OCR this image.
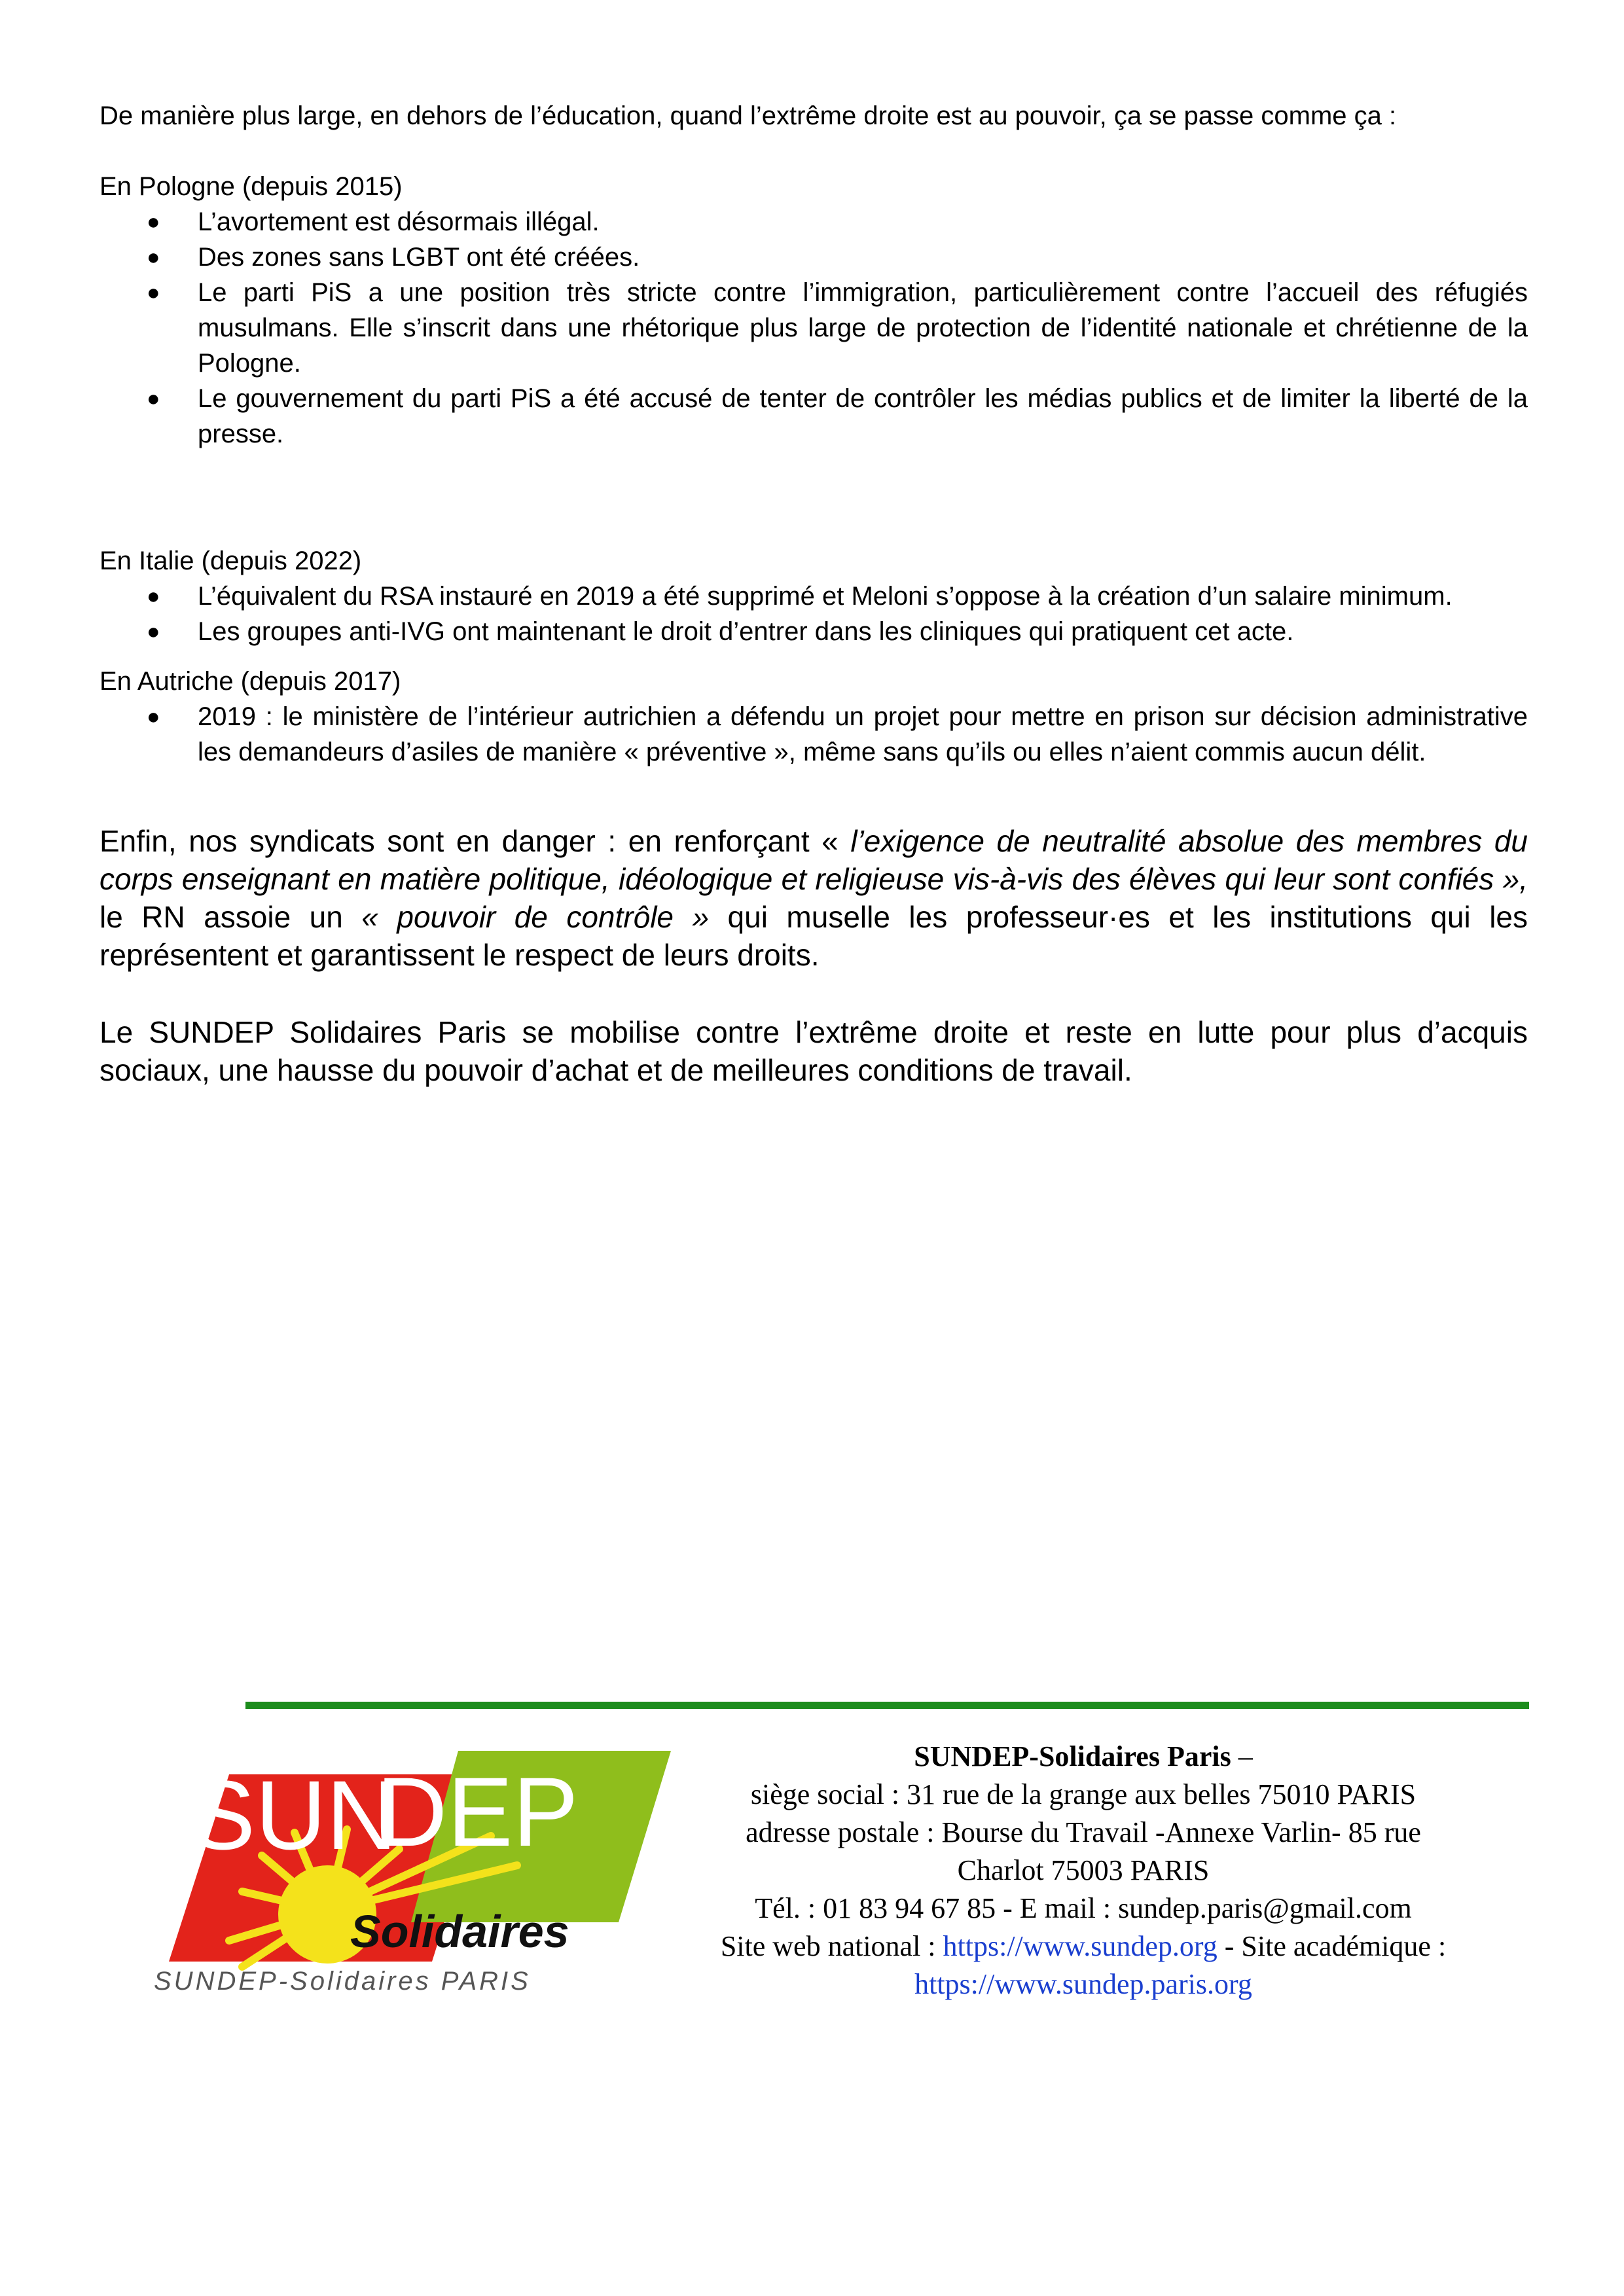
De manière plus large, en dehors de l’éducation, quand l’extrême droite est au pouvoir, ça se passe comme ça :

En Pologne (depuis 2015)

● L’avortement est désormais illégal.
● Des zones sans LGBT ont été créées.
● Le parti PiS a une position très stricte contre l’immigration, particulièrement contre l’accueil des réfugiés musulmans. Elle s’inscrit dans une rhétorique plus large de protection de l’identité nationale et chrétienne de la Pologne.
● Le gouvernement du parti PiS a été accusé de tenter de contrôler les médias publics et de limiter la liberté de la presse.

En Italie (depuis 2022)

● L’équivalent du RSA instauré en 2019 a été supprimé et Meloni s’oppose à la création d’un salaire minimum.
● Les groupes anti-IVG ont maintenant le droit d’entrer dans les cliniques qui pratiquent cet acte.

En Autriche (depuis 2017)

● 2019 : le ministère de l’intérieur autrichien a défendu un projet pour mettre en prison sur décision administrative les demandeurs d’asiles de manière « préventive », même sans qu’ils ou elles n’aient commis aucun délit.

Enfin, nos syndicats sont en danger : en renforçant « l’exigence de neutralité absolue des membres du corps enseignant en matière politique, idéologique et religieuse vis-à-vis des élèves qui leur sont confiés », le RN assoie un « pouvoir de contrôle » qui muselle les professeur·es et les institutions qui les représentent et garantissent le respect de leurs droits.

Le SUNDEP Solidaires Paris se mobilise contre l’extrême droite et reste en lutte pour plus d’acquis sociaux, une hausse du pouvoir d’achat et de meilleures conditions de travail.

SUN
DEP
Solidaires
SUNDEP-Solidaires PARIS
SUNDEP-Solidaires Paris –
siège social : 31 rue de la grange aux belles 75010 PARIS
adresse postale : Bourse du Travail -Annexe Varlin- 85 rue Charlot 75003 PARIS
Tél. : 01 83 94 67 85 - E mail : sundep.paris@gmail.com
Site web national : https://www.sundep.org - Site académique : https://www.sundep.paris.org
